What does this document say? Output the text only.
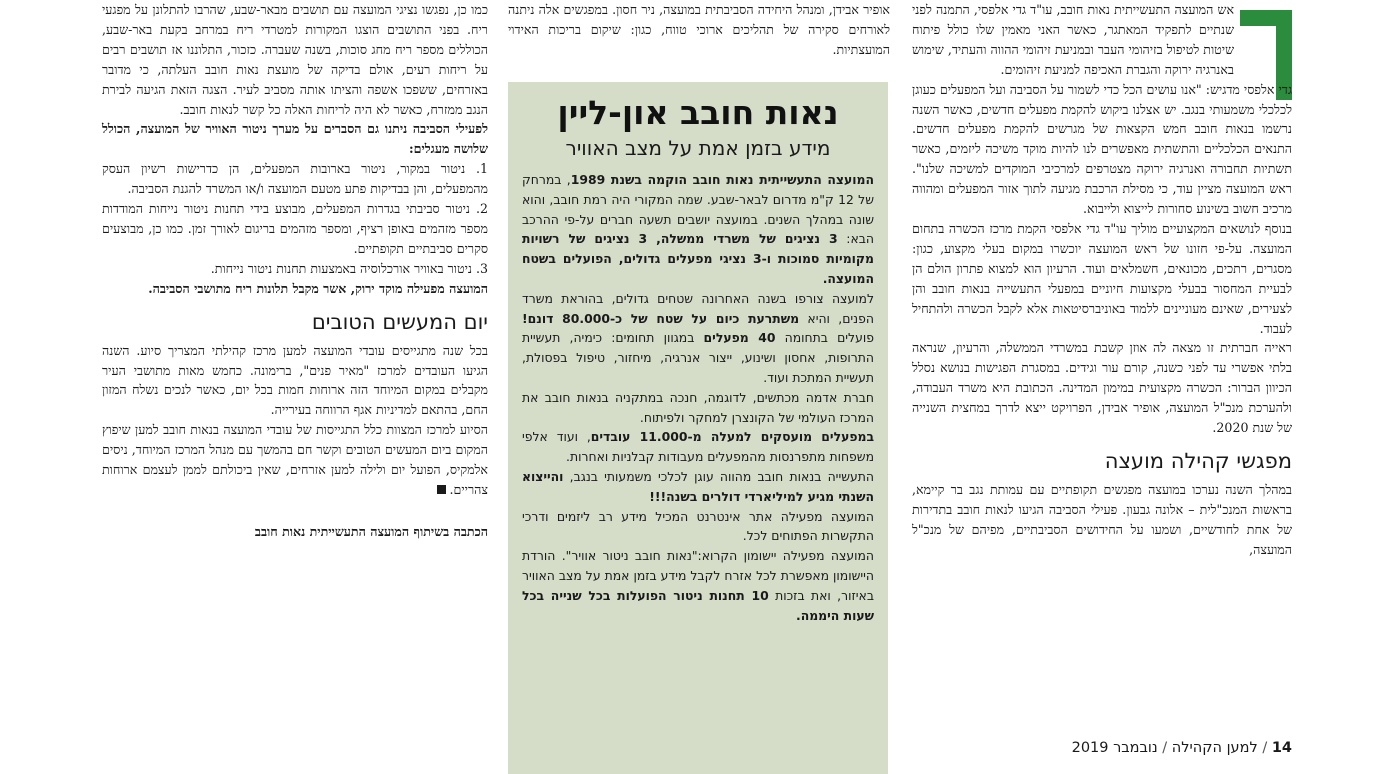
אש המועצה התעשייתית נאות חובב, עו"ד גדי אלפסי, התמנה לפני שנתיים לתפקיד המאתגר, כאשר האני מאמין שלו כולל פיתוח שיטות לטיפול בזיהומי העבר ובמניעת זיהומי ההווה והעתיד, שימוש באנרגיה ירוקה והגברת האכיפה למניעת זיהומים.

גדי אלפסי מדגיש: "אנו עושים הכל כדי לשמור על הסביבה ועל המפעלים כעוגן לכלכלי משמעותי בנגב. יש אצלנו ביקוש להקמת מפעלים חדשים, כאשר השנה נרשמו בנאות חובב חמש הקצאות של מגרשים להקמת מפעלים חדשים. התנאים הכלכליים והתשתית מאפשרים לנו להיות מוקד משיכה ליזמים, כאשר תשתיות תחבורה ואנרגיה ירוקה מצטרפים למרכיבי המוקדים למשיכה שלנו". ראש המועצה מציין עוד, כי מסילת הרכבת מגיעה לתוך אזור המפעלים ומהווה מרכיב חשוב בשינוע סחורות לייצוא ולייבוא.

בנוסף לנושאים המקצועיים מוליך עו"ד גדי אלפסי הקמת מרכז הכשרה בתחום המועצה. על-פי חזונו של ראש המועצה יוכשרו במקום בעלי מקצוע, כגון: מסגרים, רתכים, מכונאים, חשמלאים ועוד. הרעיון הוא למצוא פתרון הולם הן לבעיית המחסור בבעלי מקצועות חיוניים במפעלי התעשייה בנאות חובב והן לצעירים, שאינם מעוניינים ללמוד באוניברסיטאות אלא לקבל הכשרה ולהתחיל לעבוד.

ראייה חברתית זו מצאה לה אוזן קשבת במשרדי הממשלה, והרעיון, שנראה בלתי אפשרי עד לפני כשנה, קורם עור וגידים. במסגרת הפגישות בנושא נסלל הכיוון הברור: הכשרה מקצועית במימון המדינה. הכתובת היא משרד העבודה, ולהערכת מנכ"ל המועצה, אופיר אבידן, הפרויקט ייצא לדרך במחצית השנייה של שנת 2020.

מפגשי קהילה מועצה

במהלך השנה נערכו במועצה מפגשים תקופתיים עם עמותת נגב בר קיימא, בראשות המנכ"לית – אלונה גבעון. פעילי הסביבה הגיעו לנאות חובב בתדירות של אחת לחודשיים, ושמעו על החידושים הסביבתיים, מפיהם של מנכ"ל המועצה,

אופיר אבידן, ומנהל היחידה הסביבתית במועצה, ניר חסון. במפגשים אלה ניתנה לאורחים סקירה של תהליכים ארוכי טווח, כגון: שיקום בריכות האידוי המועצתיות.

נאות חובב און-ליין
מידע בזמן אמת על מצב האוויר

המועצה התעשייתית נאות חובב הוקמה בשנת 1989, במרחק של 12 ק"מ מדרום לבאר-שבע. שמה המקורי היה רמת חובב, והוא שונה במהלך השנים. במועצה יושבים תשעה חברים על-פי ההרכב הבא: 3 נציגים של משרדי ממשלה, 3 נציגים של רשויות מקומיות סמוכות ו-3 נציגי מפעלים גדולים, הפועלים בשטח המועצה.

למועצה צורפו בשנה האחרונה שטחים גדולים, בהוראת משרד הפנים, והיא משתרעת כיום על שטח של כ-80.000 דונם! פועלים בתחומה 40 מפעלים במגוון תחומים: כימיה, תעשיית התרופות, אחסון ושינוע, ייצור אנרגיה, מיחזור, טיפול בפסולת, תעשיית המתכת ועוד.

חברת אדמה מכתשים, לדוגמה, חנכה במתקניה בנאות חובב את המרכז העולמי של הקונצרן למחקר ולפיתוח.

במפעלים מועסקים למעלה מ-11.000 עובדים, ועוד אלפי משפחות מתפרנסות מהמפעלים מעבודות קבלניות ואחרות.

התעשייה בנאות חובב מהווה עוגן לכלכי משמעותי בנגב, והייצוא השנתי מגיע למיליארדי דולרים בשנה!!!

המועצה מפעילה אתר אינטרנט המכיל מידע רב ליזמים ודרכי התקשרות הפתוחים לכל.

המועצה מפעילה יישומון הקרוא:"נאות חובב ניטור אוויר". הורדת היישומון מאפשרת לכל אזרח לקבל מידע בזמן אמת על מצב האוויר באיזור, ואת בזכות 10 תחנות ניטור הפועלות בכל שנייה בכל שעות היממה.

כמו כן, נפגשו נציגי המועצה עם תושבים מבאר-שבע, שהרבו להתלונן על מפגעי ריח. בפני התושבים הוצגו המקורות למטרדי ריח במרחב בקעת באר-שבע, הכוללים מספר ריח מחג סוכות, בשנה שעברה. כזכור, התלוננו אז תושבים רבים על ריחות רעים, אולם בדיקה של מועצת נאות חובב העלתה, כי מדובר באזרחים, ששפכו אשפה והציתו אותה מסביב לעיר. הצגה הזאת הגיעה לבירת הנגב ממזרח, כאשר לא היה לריחות האלה כל קשר לנאות חובב.

לפעילי הסביבה ניתנו גם הסברים על מערך ניטור האוויר של המועצה, הכולל שלושה מעגלים:

1. ניטור במקור, ניטור בארובות המפעלים, הן כדרישות רשיון העסק מהמפעלים, והן בבדיקות פתע מטעם המועצה ו/או המשרד להגנת הסביבה.

2. ניטור סביבתי בגדרות המפעלים, מבוצע בידי תחנות ניטור נייחות המודדות מספר מזהמים באופן רציף, ומספר מזהמים בריגום לאורך זמן. כמו כן, מבוצעים סקרים סביבתיים תקופתיים.

3. ניטור באוויר אורכלוסיה באמצעות תחנות ניטור נייחות.

המועצה מפעילה מוקד ירוק, אשר מקבל תלונות ריח מתושבי הסביבה.

יום המעשים הטובים

בכל שנה מתגייסים עובדי המועצה למען מרכז קהילתי המצריך סיוע. השנה הגיעו העובדים למרכז "מאיר פנים", ברימונה. כחמש מאות מתושבי העיר מקבלים במקום המיוחד הזה ארוחות חמות בכל יום, כאשר לנכים נשלח המזון החם, בהתאם למדיניות אגף הרווחה בעירייה.

הסיוע למרכז המצוות כלל התגייסות של עובדי המועצה בנאות חובב למען שיפוץ המקום ביום המעשים הטובים וקשר חם בהמשך עם מנהל המרכז המיוחד, ניסים אלמקיס, הפועל יום ולילה למען אזרחים, שאין ביכולתם לממן לעצמם ארוחות צהריים.

הכתבה בשיתוף המועצה התעשייתית נאות חובב

14 / למען הקהילה / נובמבר 2019
